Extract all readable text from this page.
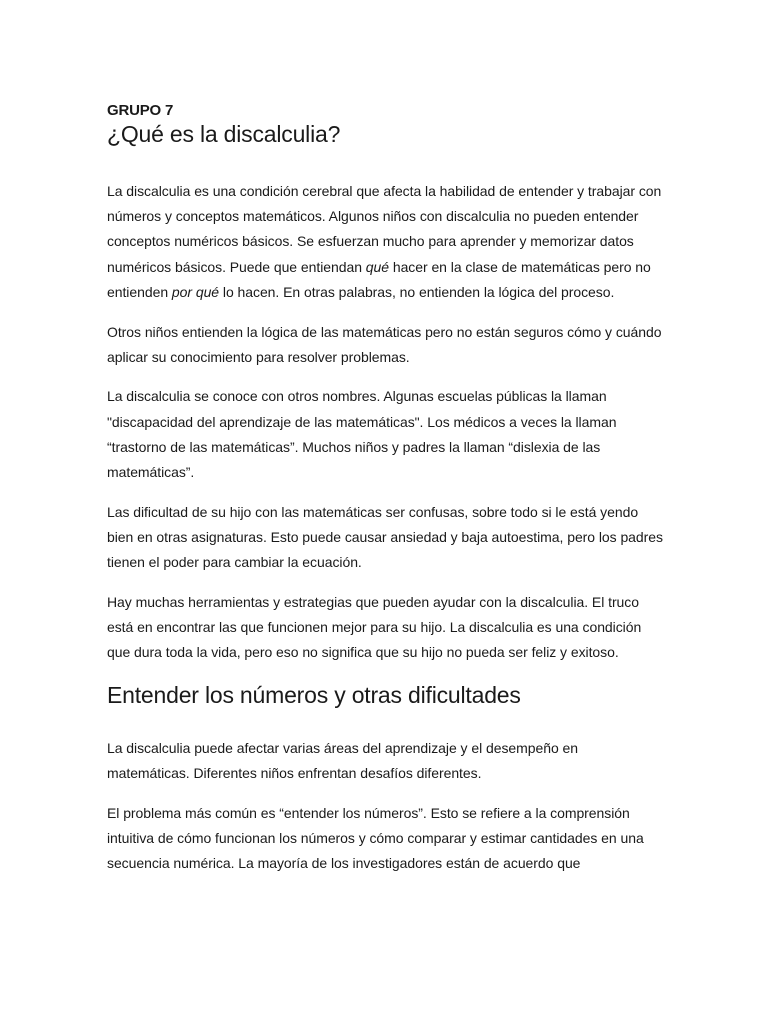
GRUPO 7

¿Qué es la discalculia?

La discalculia es una condición cerebral que afecta la habilidad de entender y trabajar con números y conceptos matemáticos. Algunos niños con discalculia no pueden entender conceptos numéricos básicos. Se esfuerzan mucho para aprender y memorizar datos numéricos básicos. Puede que entiendan qué hacer en la clase de matemáticas pero no entienden por qué lo hacen. En otras palabras, no entienden la lógica del proceso.

Otros niños entienden la lógica de las matemáticas pero no están seguros cómo y cuándo aplicar su conocimiento para resolver problemas.

La discalculia se conoce con otros nombres. Algunas escuelas públicas la llaman "discapacidad del aprendizaje de las matemáticas". Los médicos a veces la llaman “trastorno de las matemáticas”. Muchos niños y padres la llaman “dislexia de las matemáticas”.

Las dificultad de su hijo con las matemáticas ser confusas, sobre todo si le está yendo bien en otras asignaturas. Esto puede causar ansiedad y baja autoestima, pero los padres tienen el poder para cambiar la ecuación.

Hay muchas herramientas y estrategias que pueden ayudar con la discalculia. El truco está en encontrar las que funcionen mejor para su hijo. La discalculia es una condición que dura toda la vida, pero eso no significa que su hijo no pueda ser feliz y exitoso.

Entender los números y otras dificultades

La discalculia puede afectar varias áreas del aprendizaje y el desempeño en matemáticas. Diferentes niños enfrentan desafíos diferentes.

El problema más común es “entender los números”. Esto se refiere a la comprensión intuitiva de cómo funcionan los números y cómo comparar y estimar cantidades en una secuencia numérica. La mayoría de los investigadores están de acuerdo que
